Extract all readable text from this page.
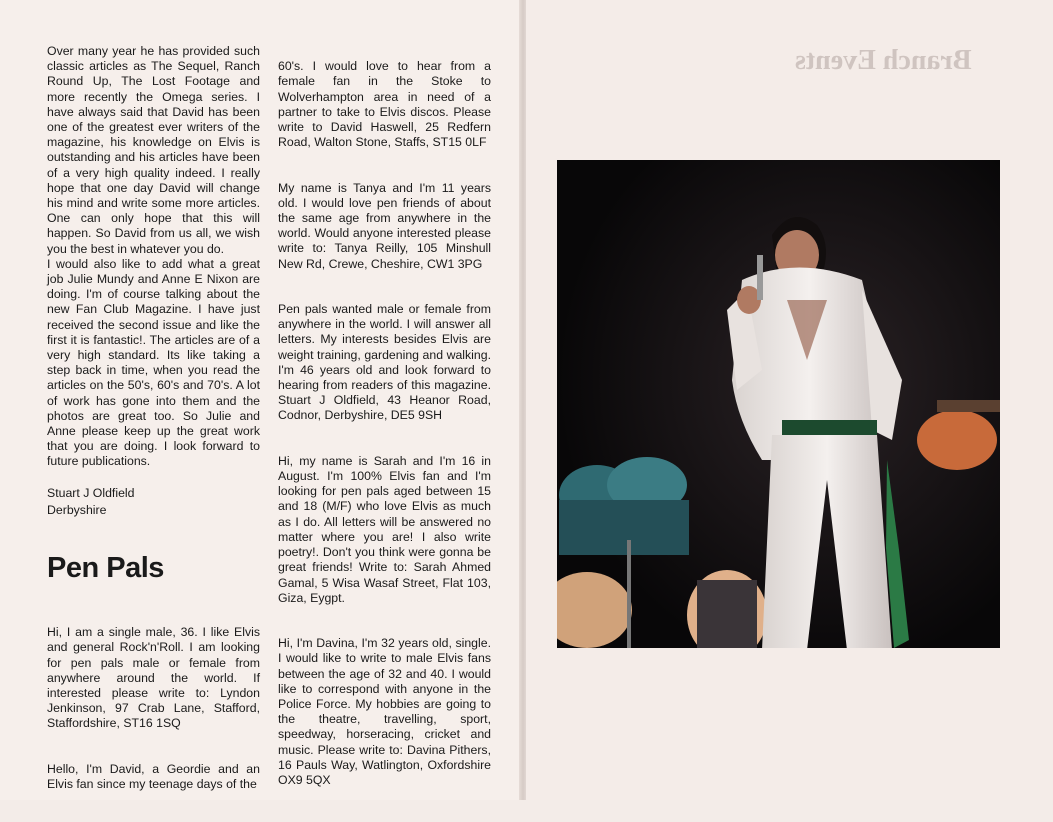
Over many year he has provided such classic articles as The Sequel, Ranch Round Up, The Lost Footage and more recently the Omega series. I have always said that David has been one of the greatest ever writers of the magazine, his knowledge on Elvis is outstanding and his articles have been of a very high quality indeed. I really hope that one day David will change his mind and write some more articles. One can only hope that this will happen. So David from us all, we wish you the best in whatever you do.
I would also like to add what a great job Julie Mundy and Anne E Nixon are doing. I'm of course talking about the new Fan Club Magazine. I have just received the second issue and like the first it is fantastic!. The articles are of a very high standard. Its like taking a step back in time, when you read the articles on the 50's, 60's and 70's. A lot of work has gone into them and the photos are great too. So Julie and Anne please keep up the great work that you are doing. I look forward to future publications.
Stuart J Oldfield
Derbyshire
Pen Pals

Hi, I am a single male, 36. I like Elvis and general Rock'n'Roll. I am looking for pen pals male or female from anywhere around the world. If interested please write to: Lyndon Jenkinson, 97 Crab Lane, Stafford, Staffordshire, ST16 1SQ

Hello, I'm David, a Geordie and an Elvis fan since my teenage days of the

60's. I would love to hear from a female fan in the Stoke to Wolverhampton area in need of a partner to take to Elvis discos. Please write to David Haswell, 25 Redfern Road, Walton Stone, Staffs, ST15 0LF

My name is Tanya and I'm 11 years old. I would love pen friends of about the same age from anywhere in the world. Would anyone interested please write to: Tanya Reilly, 105 Minshull New Rd, Crewe, Cheshire, CW1 3PG

Pen pals wanted male or female from anywhere in the world. I will answer all letters. My interests besides Elvis are weight training, gardening and walking. I'm 46 years old and look forward to hearing from readers of this magazine. Stuart J Oldfield, 43 Heanor Road, Codnor, Derbyshire, DE5 9SH

Hi, my name is Sarah and I'm 16 in August. I'm 100% Elvis fan and I'm looking for pen pals aged between 15 and 18 (M/F) who love Elvis as much as I do. All letters will be answered no matter where you are! I also write poetry!. Don't you think were gonna be great friends! Write to: Sarah Ahmed Gamal, 5 Wisa Wasaf Street, Flat 103, Giza, Eygpt.

Hi, I'm Davina, I'm 32 years old, single. I would like to write to male Elvis fans between the age of 32 and 40. I would like to correspond with anyone in the Police Force. My hobbies are going to the theatre, travelling, sport, speedway, horseracing, cricket and music. Please write to: Davina Pithers, 16 Pauls Way, Watlington, Oxfordshire OX9 5QX

Branch Events
